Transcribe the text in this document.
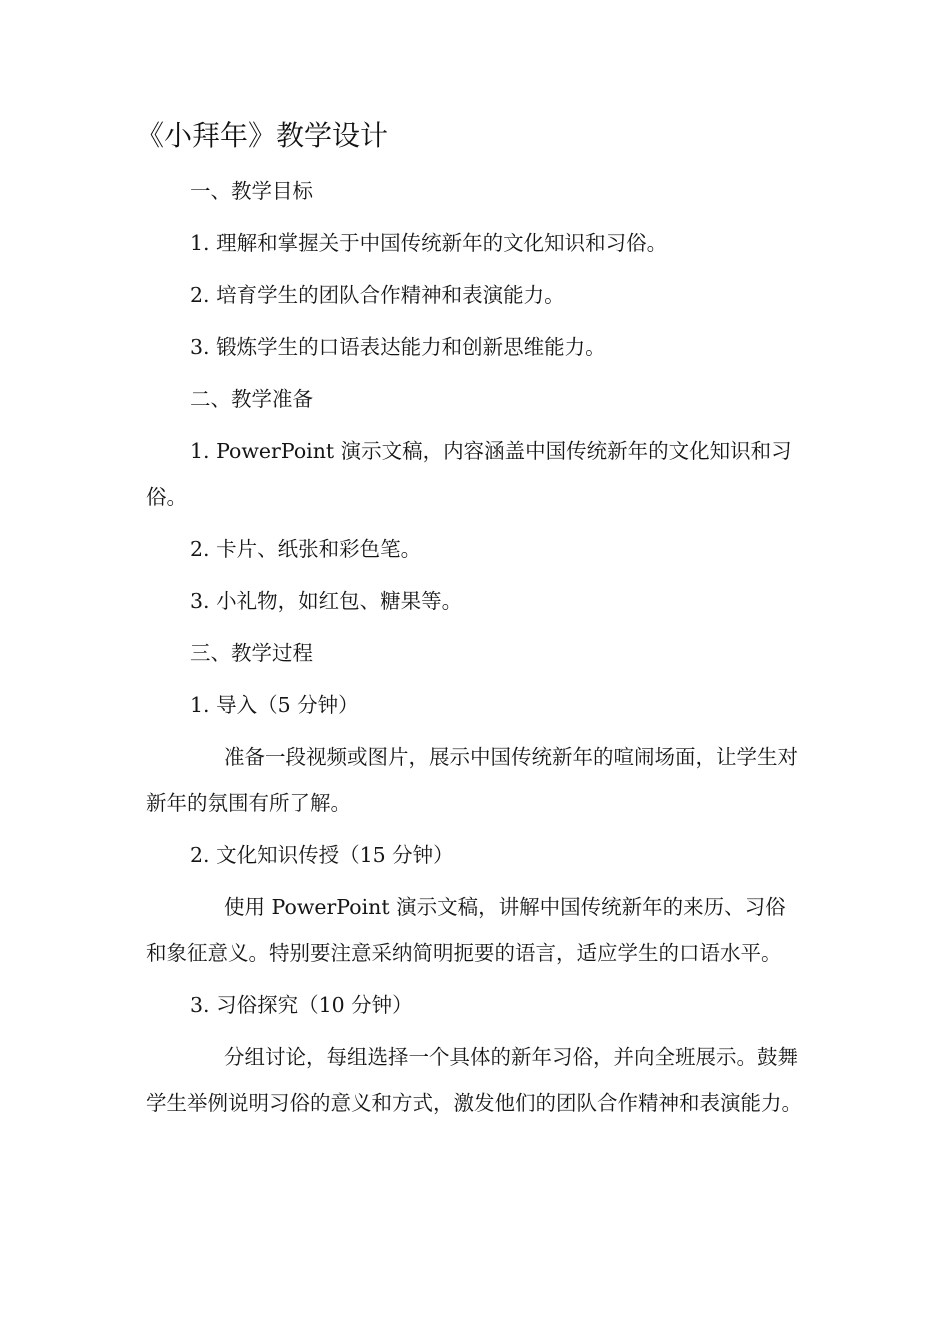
《小拜年》教学设计

一、教学目标

1. 理解和掌握关于中国传统新年的文化知识和习俗。

2. 培育学生的团队合作精神和表演能力。

3. 锻炼学生的口语表达能力和创新思维能力。

二、教学准备

1. PowerPoint 演示文稿，内容涵盖中国传统新年的文化知识和习俗。

2. 卡片、纸张和彩色笔。

3. 小礼物，如红包、糖果等。

三、教学过程

1. 导入（5 分钟）

准备一段视频或图片，展示中国传统新年的喧闹场面，让学生对新年的氛围有所了解。

2. 文化知识传授（15 分钟）

使用 PowerPoint 演示文稿，讲解中国传统新年的来历、习俗和象征意义。特别要注意采纳简明扼要的语言，适应学生的口语水平。

3. 习俗探究（10 分钟）

分组讨论，每组选择一个具体的新年习俗，并向全班展示。鼓舞学生举例说明习俗的意义和方式，激发他们的团队合作精神和表演能力。
